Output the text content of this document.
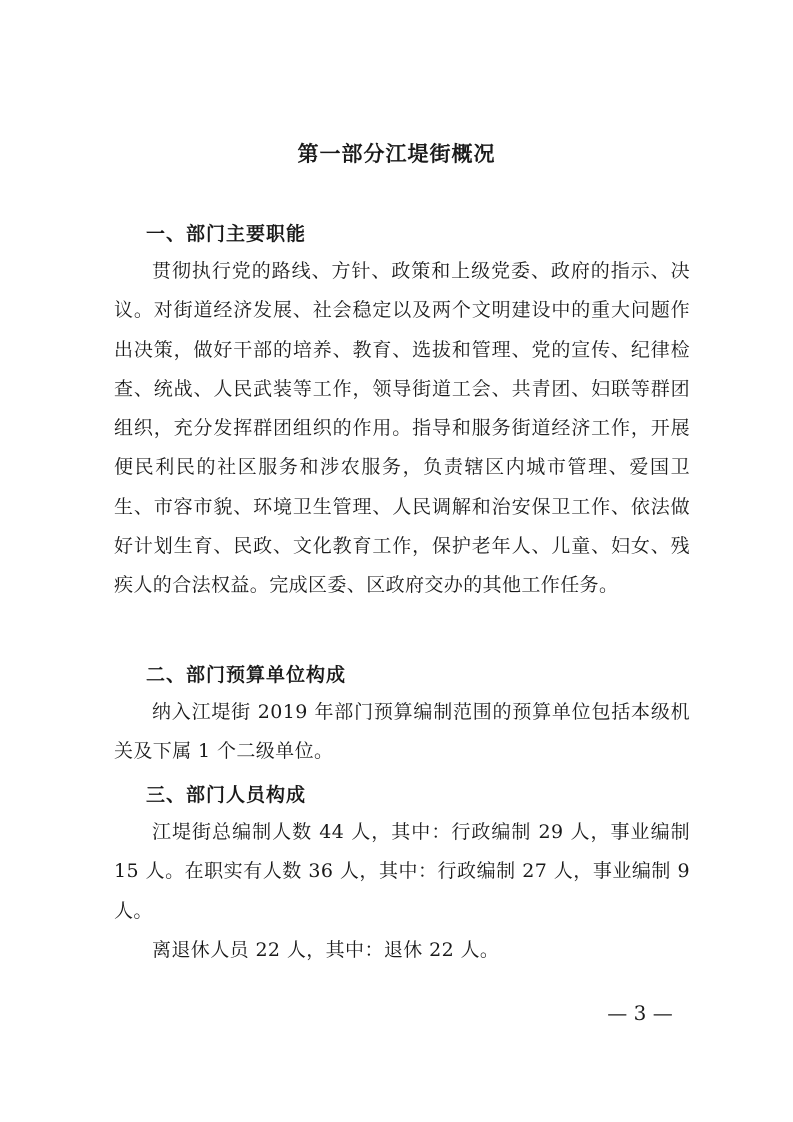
第一部分江堤街概况
一、部门主要职能
贯彻执行党的路线、方针、政策和上级党委、政府的指示、决议。对街道经济发展、社会稳定以及两个文明建设中的重大问题作出决策，做好干部的培养、教育、选拔和管理、党的宣传、纪律检查、统战、人民武装等工作，领导街道工会、共青团、妇联等群团组织，充分发挥群团组织的作用。指导和服务街道经济工作，开展便民利民的社区服务和涉农服务，负责辖区内城市管理、爱国卫生、市容市貌、环境卫生管理、人民调解和治安保卫工作、依法做好计划生育、民政、文化教育工作，保护老年人、儿童、妇女、残疾人的合法权益。完成区委、区政府交办的其他工作任务。
二、部门预算单位构成
纳入江堤街 2019 年部门预算编制范围的预算单位包括本级机关及下属 1 个二级单位。
三、部门人员构成
江堤街总编制人数 44 人，其中：行政编制 29 人，事业编制 15 人。在职实有人数 36 人，其中：行政编制 27 人，事业编制 9 人。
离退休人员 22 人，其中：退休 22 人。
— 3 —
